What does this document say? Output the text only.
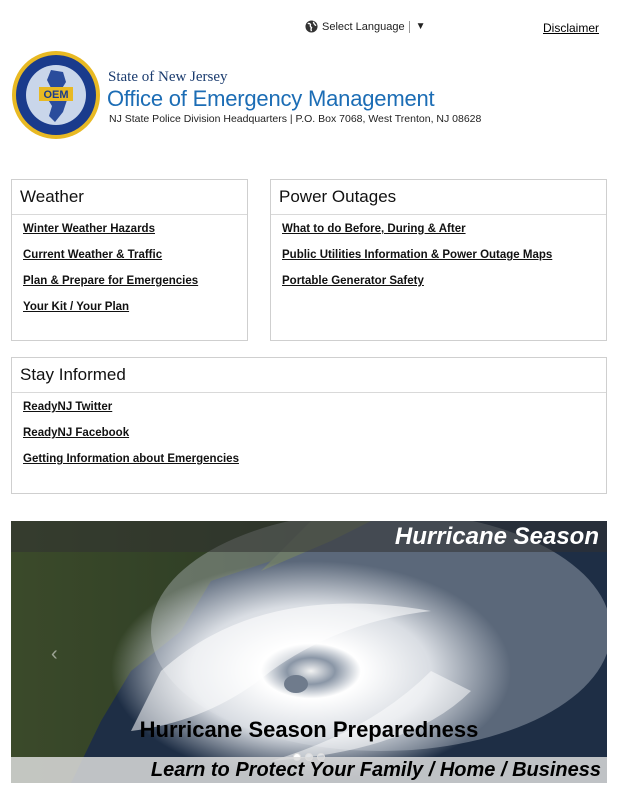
Select Language ▼	Disclaimer
OEM
State of New Jersey
Office of Emergency Management
NJ State Police Division Headquarters | P.O. Box 7068, West Trenton, NJ 08628
Weather
Winter Weather Hazards
Current Weather & Traffic
Plan & Prepare for Emergencies
Your Kit / Your Plan
Power Outages
What to do Before, During & After
Public Utilities Information & Power Outage Maps
Portable Generator Safety
Stay Informed
ReadyNJ Twitter
ReadyNJ Facebook
Getting Information about Emergencies
Hurricane Season
‹
Hurricane Season Preparedness
Learn to Protect Your Family / Home / Business
